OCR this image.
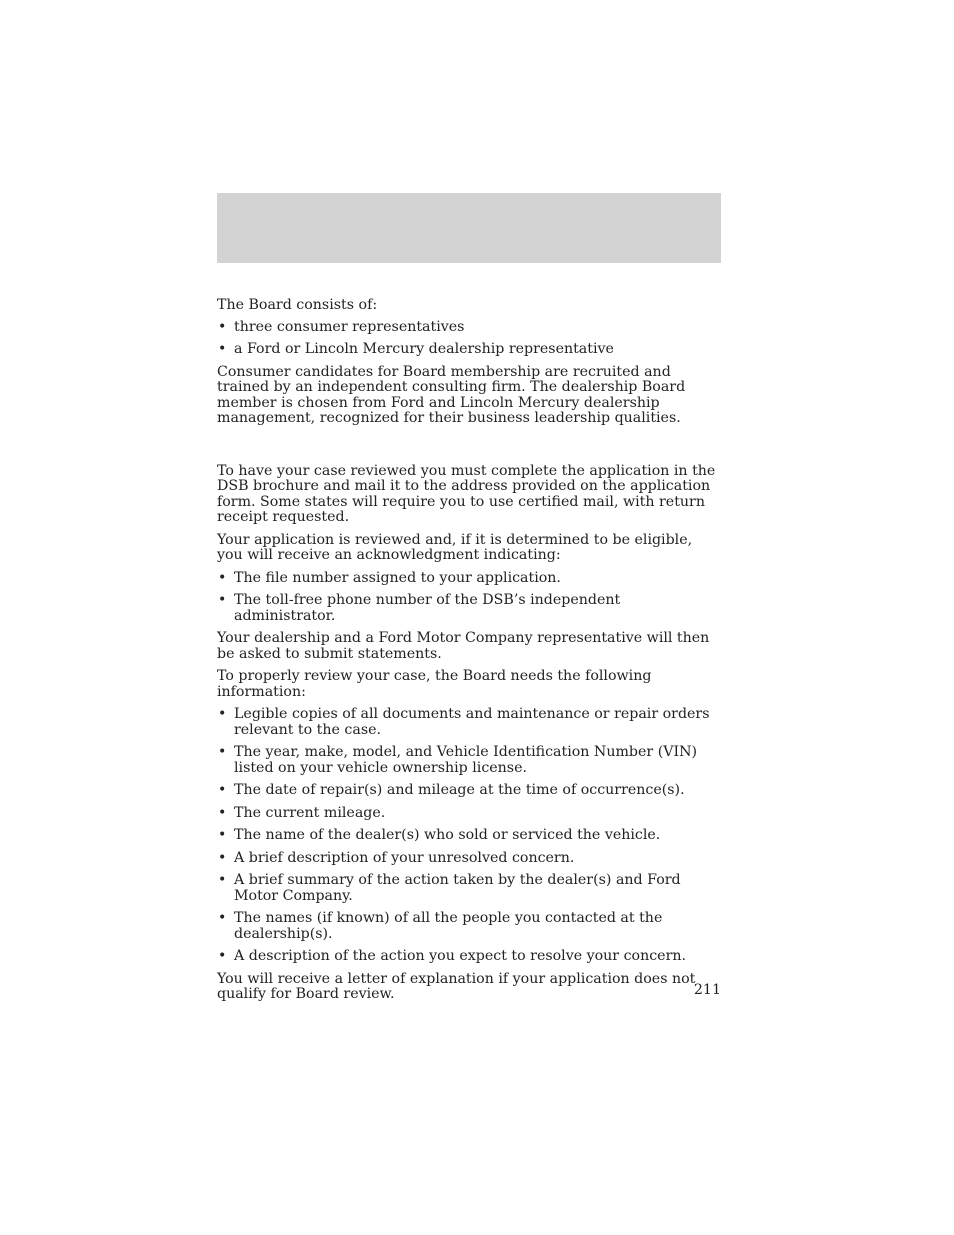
The Board consists of:

• three consumer representatives
• a Ford or Lincoln Mercury dealership representative

Consumer candidates for Board membership are recruited and trained by an independent consulting firm. The dealership Board member is chosen from Ford and Lincoln Mercury dealership management, recognized for their business leadership qualities.

To have your case reviewed you must complete the application in the DSB brochure and mail it to the address provided on the application form. Some states will require you to use certified mail, with return receipt requested.

Your application is reviewed and, if it is determined to be eligible, you will receive an acknowledgment indicating:

• The file number assigned to your application.
• The toll-free phone number of the DSB’s independent administrator.

Your dealership and a Ford Motor Company representative will then be asked to submit statements.

To properly review your case, the Board needs the following information:

• Legible copies of all documents and maintenance or repair orders relevant to the case.
• The year, make, model, and Vehicle Identification Number (VIN) listed on your vehicle ownership license.
• The date of repair(s) and mileage at the time of occurrence(s).
• The current mileage.
• The name of the dealer(s) who sold or serviced the vehicle.
• A brief description of your unresolved concern.
• A brief summary of the action taken by the dealer(s) and Ford Motor Company.
• The names (if known) of all the people you contacted at the dealership(s).
• A description of the action you expect to resolve your concern.

You will receive a letter of explanation if your application does not qualify for Board review.	211
